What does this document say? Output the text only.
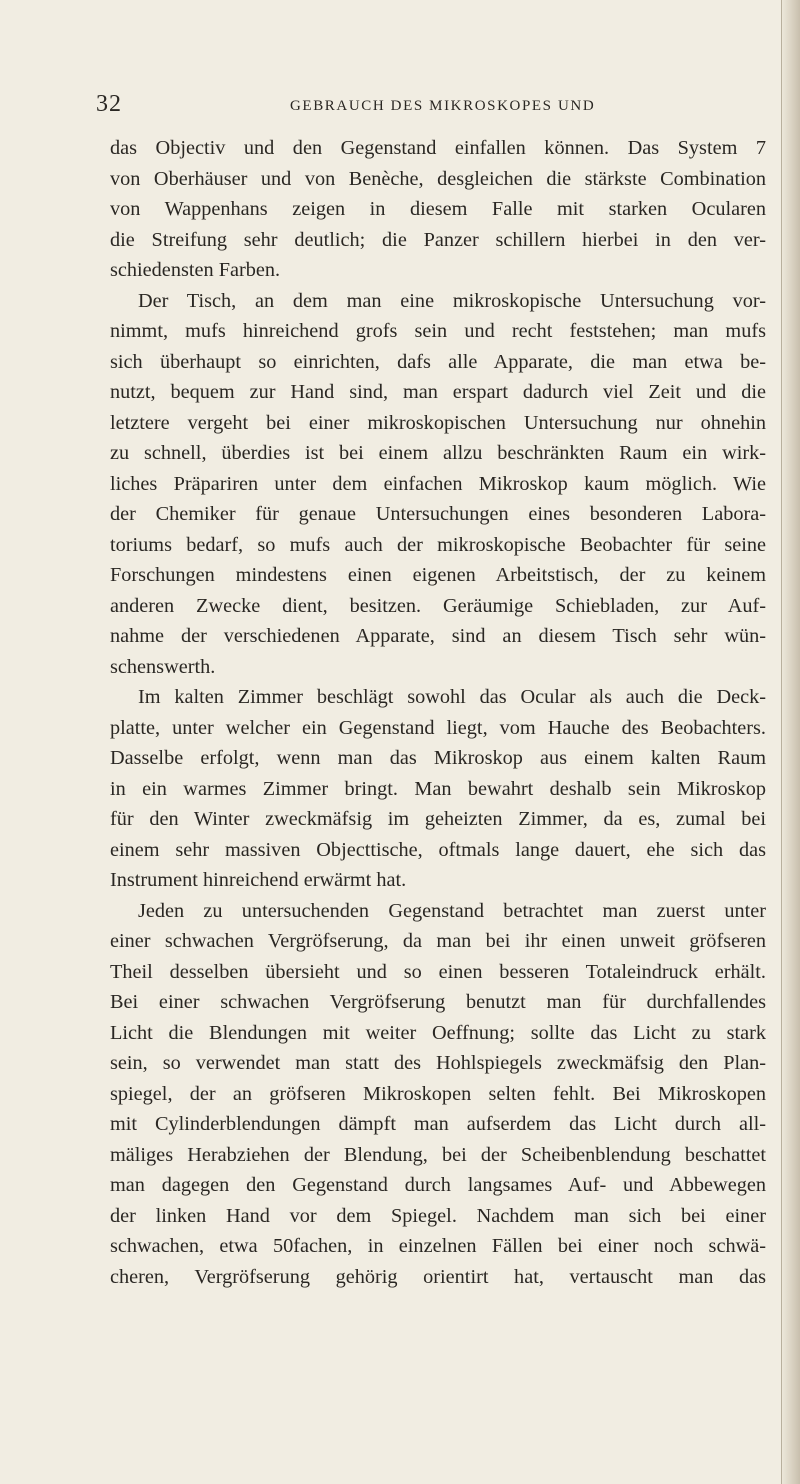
32	GEBRAUCH DES MIKROSKOPES UND
das Objectiv und den Gegenstand einfallen können. Das System 7
von Oberhäuser und von Benèche, desgleichen die stärkste Combination
von Wappenhans zeigen in diesem Falle mit starken Ocularen
die Streifung sehr deutlich; die Panzer schillern hierbei in den ver-
schiedensten Farben.
Der Tisch, an dem man eine mikroskopische Untersuchung vor-
nimmt, mufs hinreichend grofs sein und recht feststehen; man mufs
sich überhaupt so einrichten, dafs alle Apparate, die man etwa be-
nutzt, bequem zur Hand sind, man erspart dadurch viel Zeit und die
letztere vergeht bei einer mikroskopischen Untersuchung nur ohnehin
zu schnell, überdies ist bei einem allzu beschränkten Raum ein wirk-
liches Präpariren unter dem einfachen Mikroskop kaum möglich. Wie
der Chemiker für genaue Untersuchungen eines besonderen Labora-
toriums bedarf, so mufs auch der mikroskopische Beobachter für seine
Forschungen mindestens einen eigenen Arbeitstisch, der zu keinem
anderen Zwecke dient, besitzen. Geräumige Schiebladen, zur Auf-
nahme der verschiedenen Apparate, sind an diesem Tisch sehr wün-
schenswerth.
Im kalten Zimmer beschlägt sowohl das Ocular als auch die Deck-
platte, unter welcher ein Gegenstand liegt, vom Hauche des Beobachters.
Dasselbe erfolgt, wenn man das Mikroskop aus einem kalten Raum
in ein warmes Zimmer bringt. Man bewahrt deshalb sein Mikroskop
für den Winter zweckmäfsig im geheizten Zimmer, da es, zumal bei
einem sehr massiven Objecttische, oftmals lange dauert, ehe sich das
Instrument hinreichend erwärmt hat.
Jeden zu untersuchenden Gegenstand betrachtet man zuerst unter
einer schwachen Vergröfserung, da man bei ihr einen unweit gröfseren
Theil desselben übersieht und so einen besseren Totaleindruck erhält.
Bei einer schwachen Vergröfserung benutzt man für durchfallendes
Licht die Blendungen mit weiter Oeffnung; sollte das Licht zu stark
sein, so verwendet man statt des Hohlspiegels zweckmäfsig den Plan-
spiegel, der an gröfseren Mikroskopen selten fehlt. Bei Mikroskopen
mit Cylinderblendungen dämpft man aufserdem das Licht durch all-
mäliges Herabziehen der Blendung, bei der Scheibenblendung beschattet
man dagegen den Gegenstand durch langsames Auf- und Abbewegen
der linken Hand vor dem Spiegel. Nachdem man sich bei einer
schwachen, etwa 50fachen, in einzelnen Fällen bei einer noch schwä-
cheren, Vergröfserung gehörig orientirt hat, vertauscht man das
